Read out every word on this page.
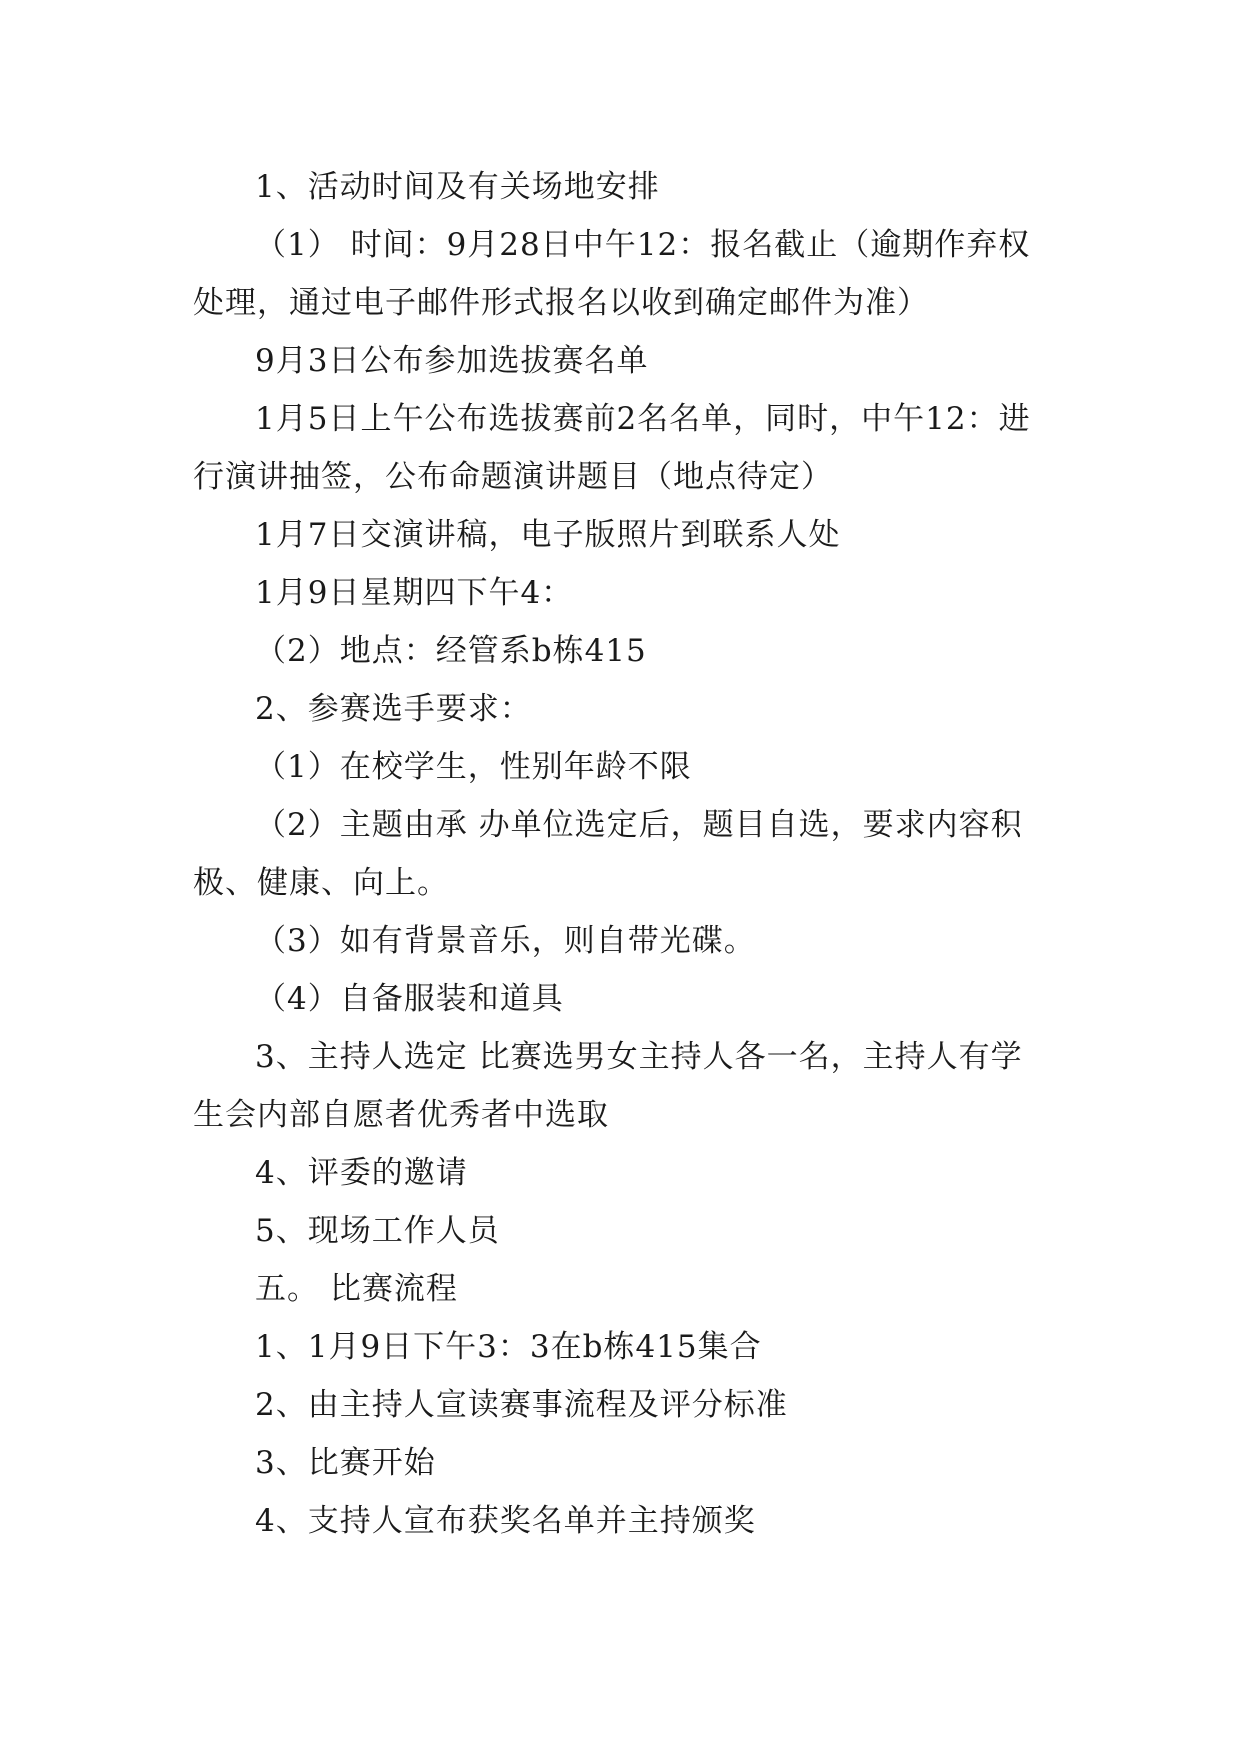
1、活动时间及有关场地安排

（1） 时间：9月28日中午12：报名截止（逾期作弃权处理，通过电子邮件形式报名以收到确定邮件为准）

9月3日公布参加选拔赛名单

1月5日上午公布选拔赛前2名名单，同时，中午12：进行演讲抽签，公布命题演讲题目（地点待定）

1月7日交演讲稿，电子版照片到联系人处

1月9日星期四下午4：

（2）地点：经管系b栋415

2、参赛选手要求：

（1）在校学生，性别年龄不限

（2）主题由承 办单位选定后，题目自选，要求内容积极、健康、向上。

（3）如有背景音乐，则自带光碟。

（4）自备服装和道具

3、主持人选定 比赛选男女主持人各一名，主持人有学生会内部自愿者优秀者中选取

4、评委的邀请

5、现场工作人员

五。 比赛流程

1、1月9日下午3：3在b栋415集合

2、由主持人宣读赛事流程及评分标准

3、比赛开始

4、支持人宣布获奖名单并主持颁奖
